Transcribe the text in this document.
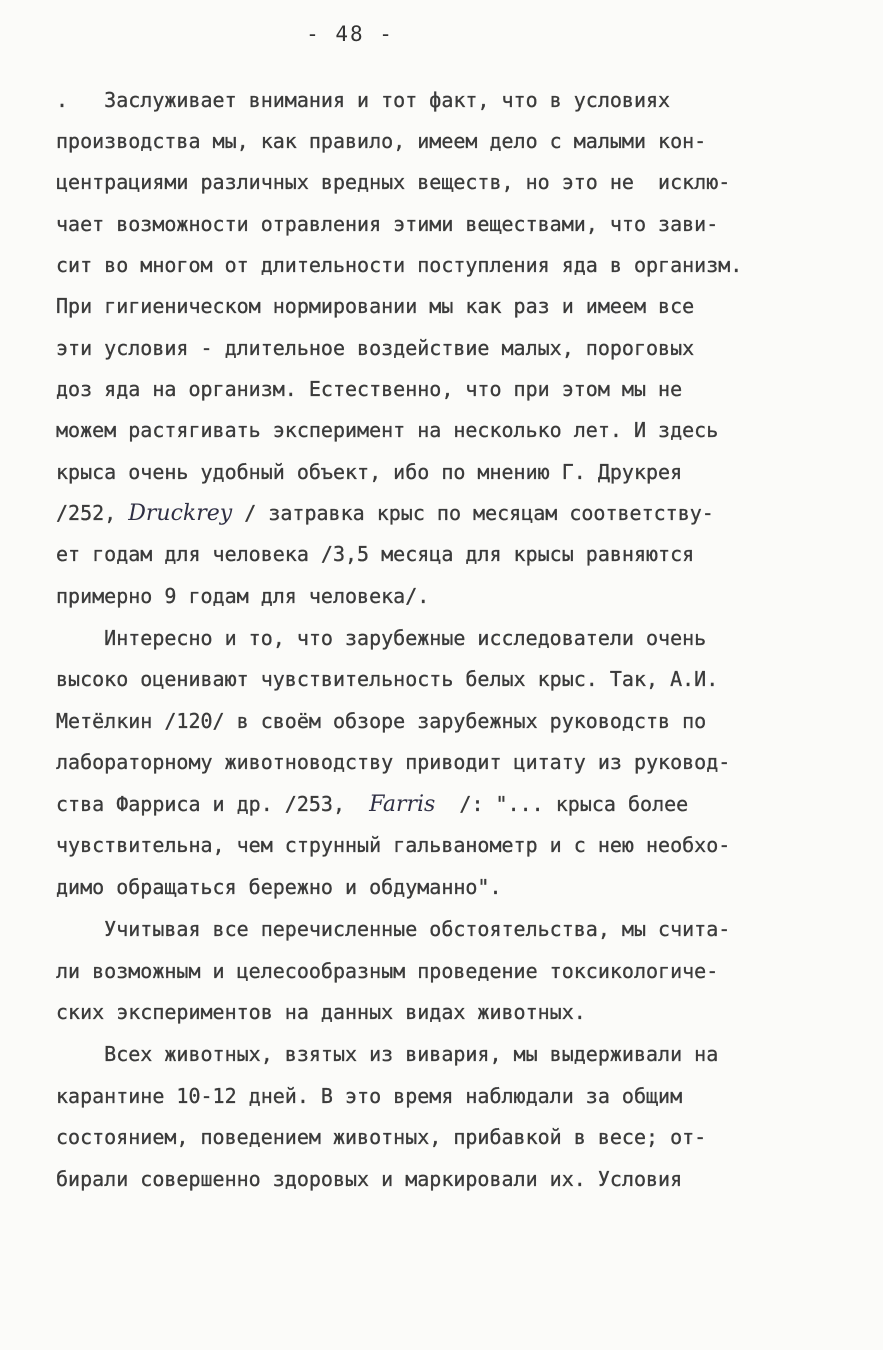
- 48 -
.   Заслуживает внимания и тот факт, что в условиях
производства мы, как правило, имеем дело с малыми кон-
центрациями различных вредных веществ, но это не  исклю-
чает возможности отравления этими веществами, что зави-
сит во многом от длительности поступления яда в организм.
При гигиеническом нормировании мы как раз и имеем все
эти условия - длительное воздействие малых, пороговых
доз яда на организм. Естественно, что при этом мы не
можем растягивать эксперимент на несколько лет. И здесь
крыса очень удобный объект, ибо по мнению Г. Друкрея
/252, Druckrey / затравка крыс по месяцам соответству-
ет годам для человека /3,5 месяца для крысы равняются
примерно 9 годам для человека/.
Интересно и то, что зарубежные исследователи очень
высоко оценивают чувствительность белых крыс. Так, А.И.
Метёлкин /120/ в своём обзоре зарубежных руководств по
лабораторному животноводству приводит цитату из руковод-
ства Фарриса и др. /253,  Farris  /: "... крыса более
чувствительна, чем струнный гальванометр и с нею необхо-
димо обращаться бережно и обдуманно".
Учитывая все перечисленные обстоятельства, мы счита-
ли возможным и целесообразным проведение токсикологиче-
ских экспериментов на данных видах животных.
Всех животных, взятых из вивария, мы выдерживали на
карантине 10-12 дней. В это время наблюдали за общим
состоянием, поведением животных, прибавкой в весе; от-
бирали совершенно здоровых и маркировали их. Условия
